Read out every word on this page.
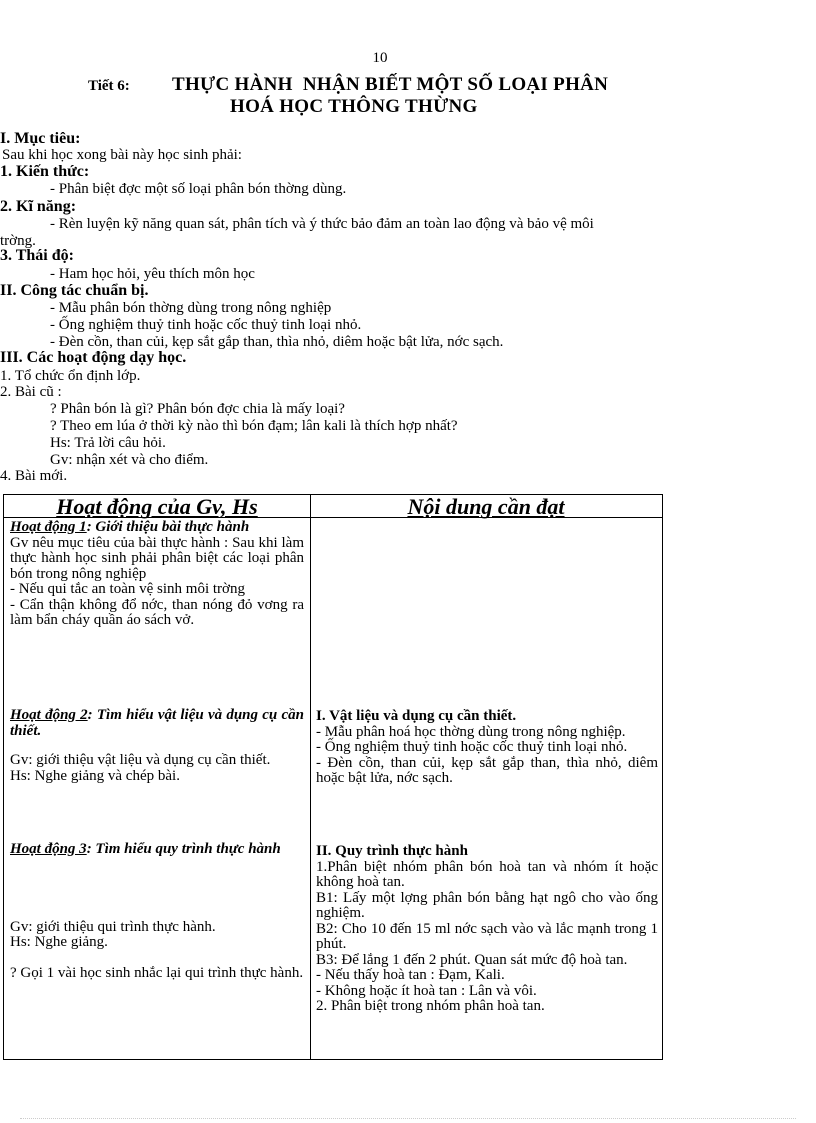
10
Tiết 6: THỰC HÀNH NHẬN BIẾT MỘT SỐ LOẠI PHÂN
HOÁ HỌC THÔNG THỪNG
I. Mục tiêu:
Sau khi học xong bài này học sinh phải:
1. Kiến thức:
- Phân biệt đợc một số loại phân bón thờng dùng.
2. Kĩ năng:
- Rèn luyện kỹ năng quan sát, phân tích và ý thức bảo đảm an toàn lao động và bảo vệ môi
trờng.
3. Thái độ:
- Ham học hỏi, yêu thích môn học
II. Công tác chuẩn bị.
- Mẫu phân bón thờng dùng trong nông nghiệp
- Ống nghiệm thuỷ tinh hoặc cốc thuỷ tinh loại nhỏ.
- Đèn cồn, than củi, kẹp sắt gắp than, thìa nhỏ, diêm hoặc bật lửa, nớc sạch.
III. Các hoạt động dạy học.
1. Tổ chức ổn định lớp.
2. Bài cũ :
? Phân bón là gì? Phân bón đợc chia là mấy loại?
? Theo em lúa ở thời kỳ nào thì bón đạm; lân kali là thích hợp nhất?
Hs: Trả lời câu hỏi.
Gv: nhận xét và cho điểm.
4. Bài mới.
Hoạt động của Gv, Hs	Nội dung cần đạt

Hoạt động 1: Giới thiệu bài thực hành

Gv nêu mục tiêu của bài thực hành : Sau khi làm thực hành học sinh phải phân biệt các loại phân bón trong nông nghiệp

- Nếu qui tắc an toàn vệ sinh môi trờng

- Cẩn thận không đổ nớc, than nóng đỏ vơng ra làm bẩn cháy quần áo sách vở.

Hoạt động 2: Tìm hiểu vật liệu và dụng cụ cần thiết.

Gv: giới thiệu vật liệu và dụng cụ cần thiết.

Hs: Nghe giảng và chép bài.

Hoạt động 3: Tìm hiểu quy trình thực hành

Gv: giới thiệu qui trình thực hành.

Hs: Nghe giảng.

? Gọi 1 vài học sinh nhắc lại qui trình thực hành.

I. Vật liệu và dụng cụ cần thiết.

- Mẫu phân hoá học thờng dùng trong nông nghiệp.

- Ống nghiệm thuỷ tinh hoặc cốc thuỷ tinh loại nhỏ.

- Đèn cồn, than củi, kẹp sắt gắp than, thìa nhỏ, diêm hoặc bật lửa, nớc sạch.

II. Quy trình thực hành

1.Phân biệt nhóm phân bón hoà tan và nhóm ít hoặc không hoà tan.

B1: Lấy một lợng phân bón bằng hạt ngô cho vào ống nghiệm.

B2: Cho 10 đến 15 ml nớc sạch vào và lắc mạnh trong 1 phút.

B3: Để lắng 1 đến 2 phút. Quan sát mức độ hoà tan.

- Nếu thấy hoà tan : Đạm, Kali.

- Không hoặc ít hoà tan : Lân và vôi.

2. Phân biệt trong nhóm phân hoà tan.
